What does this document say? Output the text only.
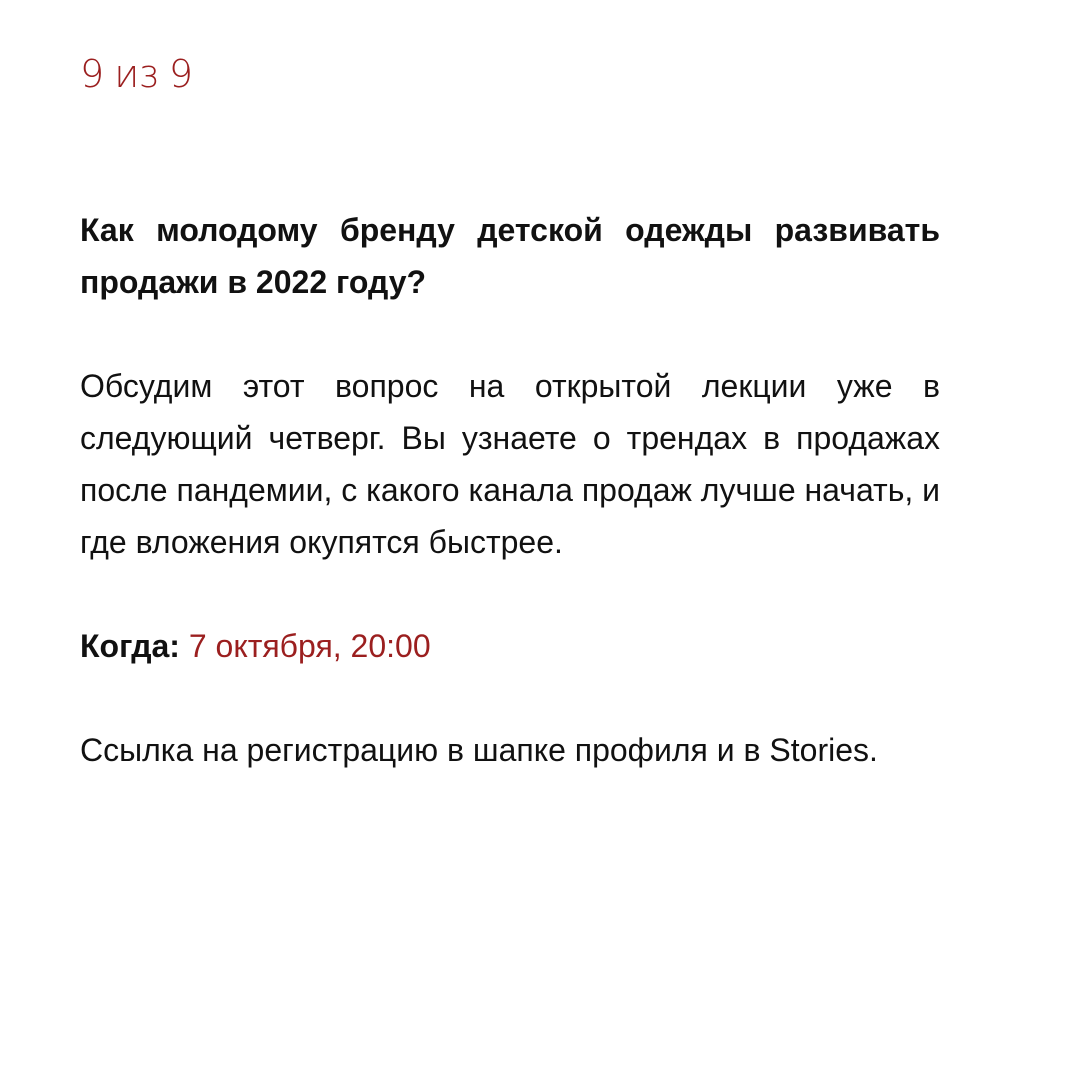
9 из 9

Как молодому бренду детской одежды развивать продажи в 2022 году?

Обсудим этот вопрос на открытой лекции уже в следующий четверг. Вы узнаете о трендах в продажах после пандемии, с какого канала продаж лучше начать, и где вложения окупятся быстрее.

Когда: 7 октября, 20:00

Ссылка на регистрацию в шапке профиля и в Stories.
